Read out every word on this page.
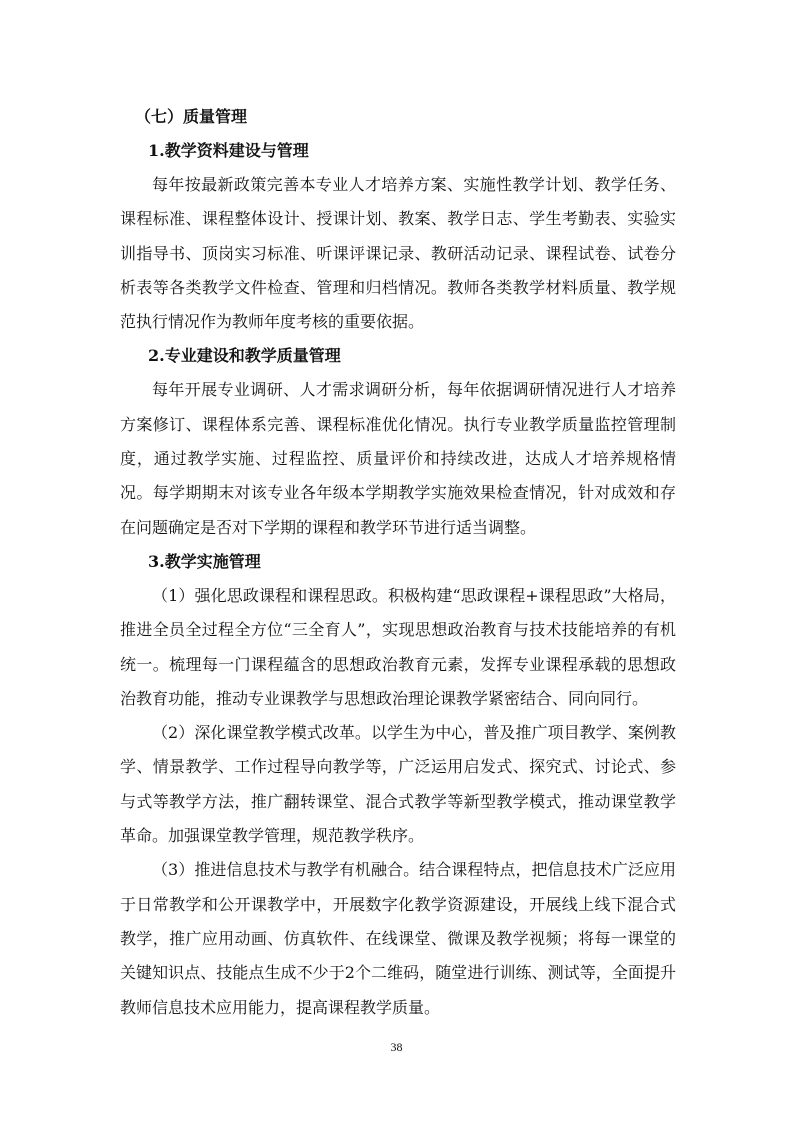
（七）质量管理
1.教学资料建设与管理

每年按最新政策完善本专业人才培养方案、实施性教学计划、教学任务、课程标准、课程整体设计、授课计划、教案、教学日志、学生考勤表、实验实训指导书、顶岗实习标准、听课评课记录、教研活动记录、课程试卷、试卷分析表等各类教学文件检查、管理和归档情况。教师各类教学材料质量、教学规范执行情况作为教师年度考核的重要依据。

2.专业建设和教学质量管理

每年开展专业调研、人才需求调研分析，每年依据调研情况进行人才培养方案修订、课程体系完善、课程标准优化情况。执行专业教学质量监控管理制度，通过教学实施、过程监控、质量评价和持续改进，达成人才培养规格情况。每学期期末对该专业各年级本学期教学实施效果检查情况，针对成效和存在问题确定是否对下学期的课程和教学环节进行适当调整。

3.教学实施管理

（1）强化思政课程和课程思政。积极构建“思政课程+课程思政”大格局，推进全员全过程全方位“三全育人”，实现思想政治教育与技术技能培养的有机统一。梳理每一门课程蕴含的思想政治教育元素，发挥专业课程承载的思想政治教育功能，推动专业课教学与思想政治理论课教学紧密结合、同向同行。

（2）深化课堂教学模式改革。以学生为中心，普及推广项目教学、案例教学、情景教学、工作过程导向教学等，广泛运用启发式、探究式、讨论式、参与式等教学方法，推广翻转课堂、混合式教学等新型教学模式，推动课堂教学革命。加强课堂教学管理，规范教学秩序。

（3）推进信息技术与教学有机融合。结合课程特点，把信息技术广泛应用于日常教学和公开课教学中，开展数字化教学资源建设，开展线上线下混合式教学，推广应用动画、仿真软件、在线课堂、微课及教学视频；将每一课堂的关键知识点、技能点生成不少于2个二维码，随堂进行训练、测试等，全面提升教师信息技术应用能力，提高课程教学质量。

38
